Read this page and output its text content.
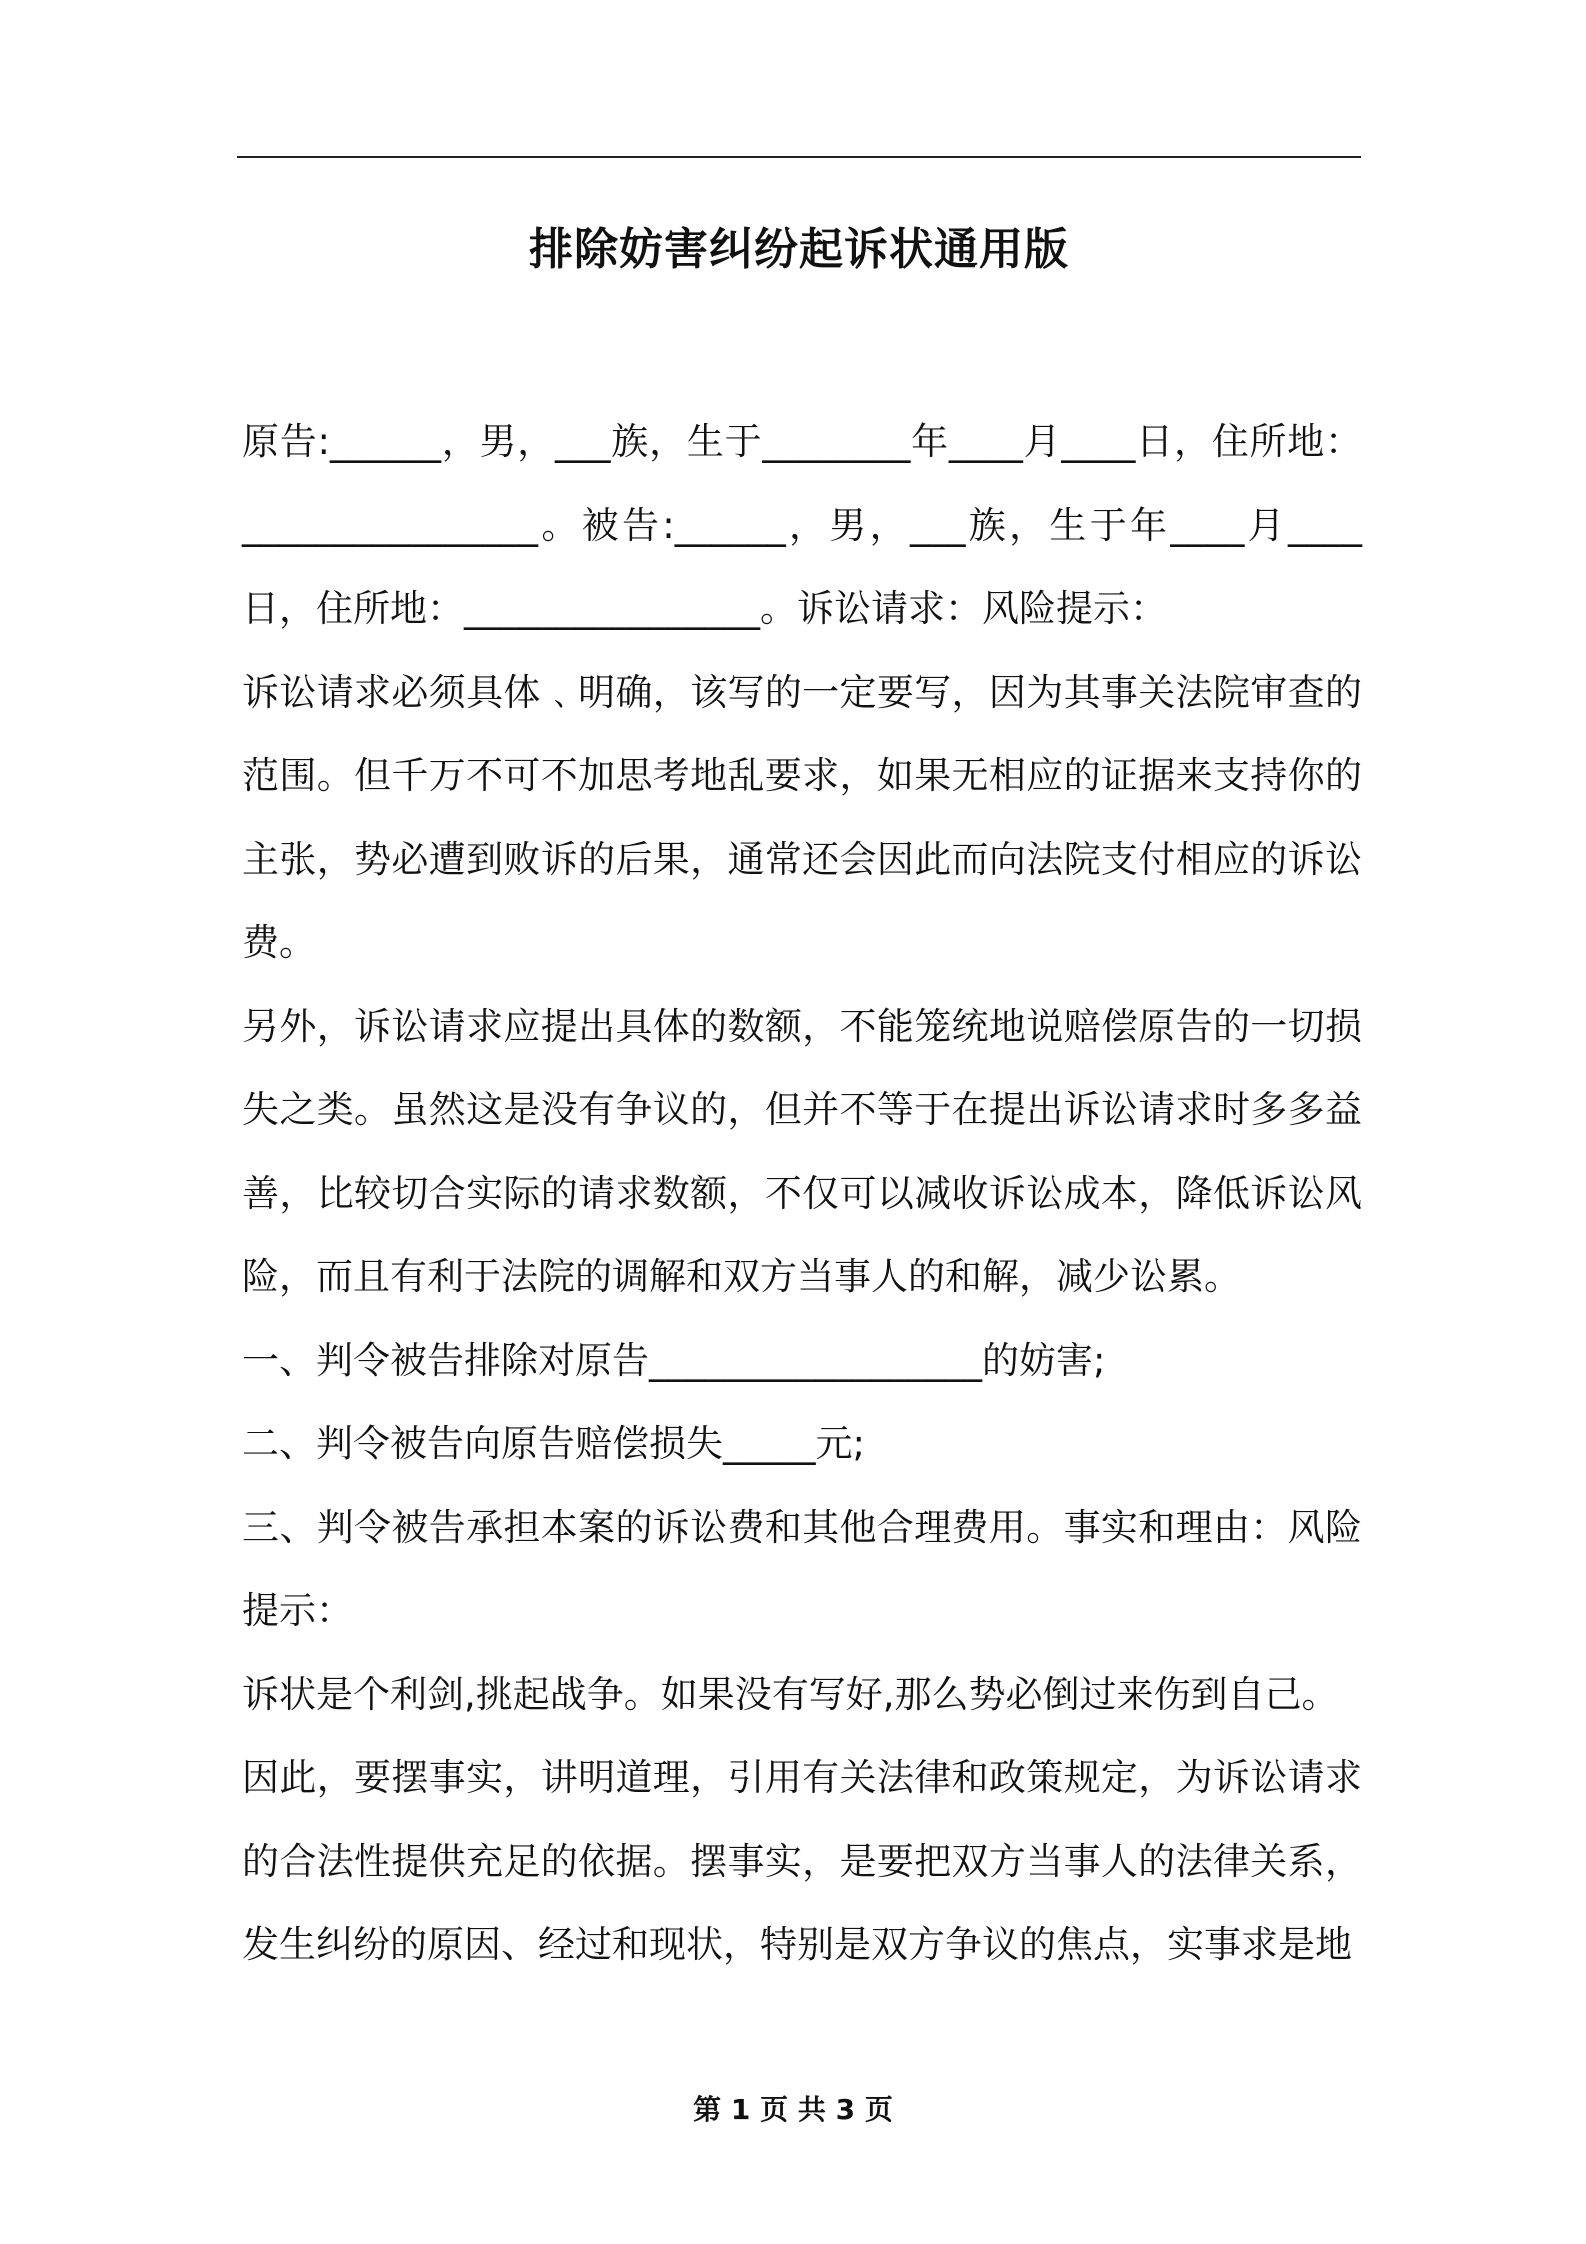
排除妨害纠纷起诉状通用版

原告:______，男，___族，生于________年____月____日，住所地：________________。被告:______，男，___族，生于年____月____日，住所地：________________。诉讼请求：风险提示：

诉讼请求必须具体﹑明确，该写的一定要写，因为其事关法院审查的范围。但千万不可不加思考地乱要求，如果无相应的证据来支持你的主张，势必遭到败诉的后果，通常还会因此而向法院支付相应的诉讼费。

另外，诉讼请求应提出具体的数额，不能笼统地说赔偿原告的一切损失之类。虽然这是没有争议的，但并不等于在提出诉讼请求时多多益善，比较切合实际的请求数额，不仅可以减收诉讼成本，降低诉讼风险，而且有利于法院的调解和双方当事人的和解，减少讼累。

一、判令被告排除对原告__________________的妨害;

二、判令被告向原告赔偿损失_____元;

三、判令被告承担本案的诉讼费和其他合理费用。事实和理由：风险提示：

诉状是个利剑,挑起战争。如果没有写好,那么势必倒过来伤到自己。

因此，要摆事实，讲明道理，引用有关法律和政策规定，为诉讼请求的合法性提供充足的依据。摆事实，是要把双方当事人的法律关系，发生纠纷的原因、经过和现状，特别是双方争议的焦点，实事求是地

第 1 页 共 3 页
